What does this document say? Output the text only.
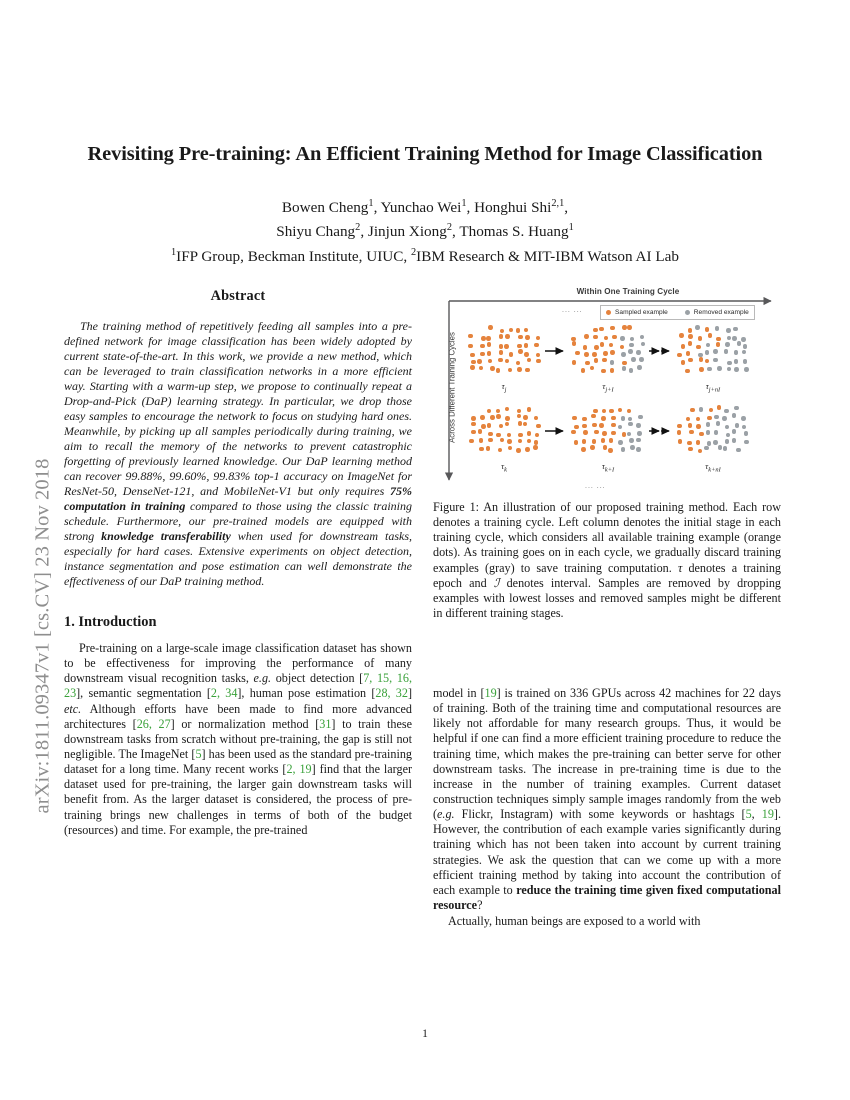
arXiv:1811.09347v1 [cs.CV] 23 Nov 2018
Revisiting Pre-training: An Efficient Training Method for Image Classification
Bowen Cheng$^1$, Yunchao Wei$^1$, Honghui Shi$^{2,1}$,
Shiyu Chang$^2$, Jinjun Xiong$^2$, Thomas S. Huang$^1$
$^1$IFP Group, Beckman Institute, UIUC, $^2$IBM Research & MIT-IBM Watson AI Lab
Abstract

The training method of repetitively feeding all samples into a pre-defined network for image classification has been widely adopted by current state-of-the-art. In this work, we provide a new method, which can be leveraged to train classification networks in a more efficient way. Starting with a warm-up step, we propose to continually repeat a Drop-and-Pick (DaP) learning strategy. In particular, we drop those easy samples to encourage the network to focus on studying hard ones. Meanwhile, by picking up all samples periodically during training, we aim to recall the memory of the networks to prevent catastrophic forgetting of previously learned knowledge. Our DaP learning method can recover 99.88%, 99.60%, 99.83% top-1 accuracy on ImageNet for ResNet-50, DenseNet-121, and MobileNet-V1 but only requires 75% computation in training compared to those using the classic training schedule. Furthermore, our pre-trained models are equipped with strong knowledge transferability when used for downstream tasks, especially for hard cases. Extensive experiments on object detection, instance segmentation and pose estimation can well demonstrate the effectiveness of our DaP training method.

1. Introduction

Pre-training on a large-scale image classification dataset has shown to be effectiveness for improving the performance of many downstream visual recognition tasks, e.g. object detection [7, 15, 16, 23], semantic segmentation [2, 34], human pose estimation [28, 32] etc. Although efforts have been made to find more advanced architectures [26, 27] or normalization method [31] to train these downstream tasks from scratch without pre-training, the gap is still not negligible. The ImageNet [5] has been used as the standard pre-training dataset for a long time. Many recent works [2, 19] find that the larger dataset used for pre-training, the larger gain downstream tasks will benefit from. As the larger dataset is considered, the process of pre-training brings new challenges in terms of both of the budget (resources) and time. For example, the pre-trained

Within One Training Cycle
Across Different Training Cycles
... ...	Sampled example	Removed example
$\tau_j$	$\tau_{j+I}$	$\tau_{j+nI}$
$\tau_k$	$\tau_{k+I}$	$\tau_{k+nI}$
... ...
Figure 1: An illustration of our proposed training method. Each row denotes a training cycle. Left column denotes the initial stage in each training cycle, which considers all available training example (orange dots). As training goes on in each cycle, we gradually discard training examples (gray) to save training computation. τ denotes a training epoch and ℐ denotes interval. Samples are removed by dropping examples with lowest losses and removed samples might be different in different training stages.

model in [19] is trained on 336 GPUs across 42 machines for 22 days of training. Both of the training time and computational resources are likely not affordable for many research groups. Thus, it would be helpful if one can find a more efficient training procedure to reduce the training time, which makes the pre-training can better serve for other downstream tasks. The increase in pre-training time is due to the increase in the number of training examples. Current dataset construction techniques simply sample images randomly from the web (e.g. Flickr, Instagram) with some keywords or hashtags [5, 19]. However, the contribution of each example varies significantly during training which has not been taken into account by current training strategies. We ask the question that can we come up with a more efficient training method by taking into account the contribution of each example to reduce the training time given fixed computational resource?

Actually, human beings are exposed to a world with

1
